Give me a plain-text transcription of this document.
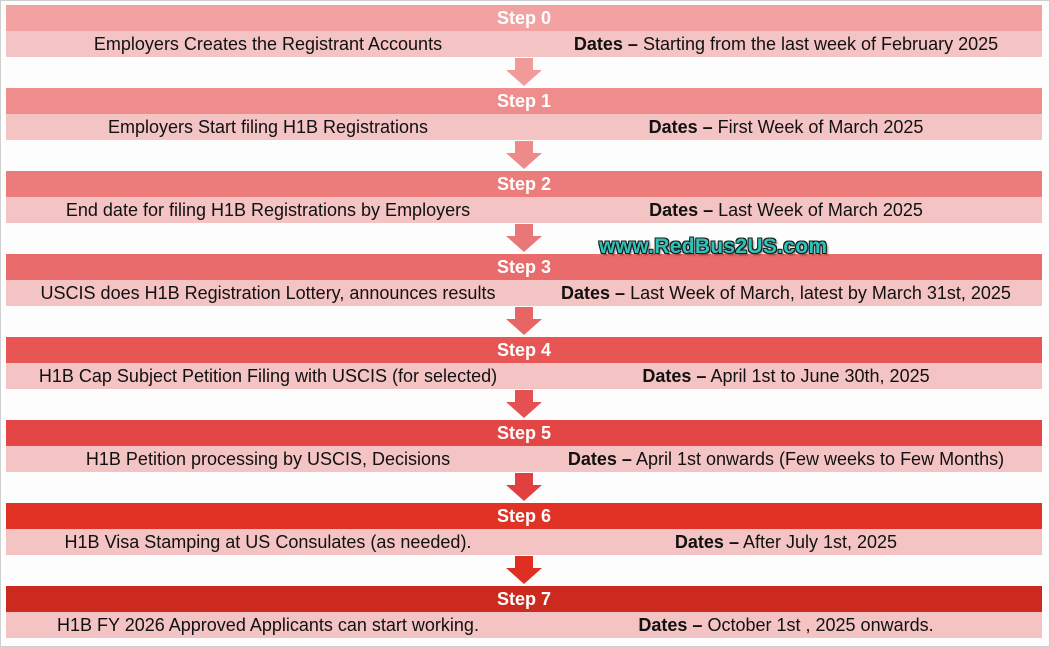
Step 0
Employers Creates the Registrant Accounts	Dates – Starting from the last week of February 2025
Step 1
Employers Start filing H1B Registrations	Dates – First Week of March 2025
Step 2
End date for filing H1B Registrations by Employers	Dates – Last Week of March 2025
Step 3
USCIS does H1B Registration Lottery, announces results	Dates – Last Week of March, latest by March 31st, 2025
Step 4
H1B Cap Subject Petition Filing with USCIS (for selected)	Dates – April 1st to June 30th, 2025
Step 5
H1B Petition processing by USCIS, Decisions	Dates – April 1st onwards (Few weeks to Few Months)
Step 6
H1B Visa Stamping at US Consulates (as needed).	Dates – After July 1st, 2025
Step 7
H1B FY 2026 Approved Applicants can start working.	Dates – October 1st , 2025 onwards.
www.RedBus2US.com
